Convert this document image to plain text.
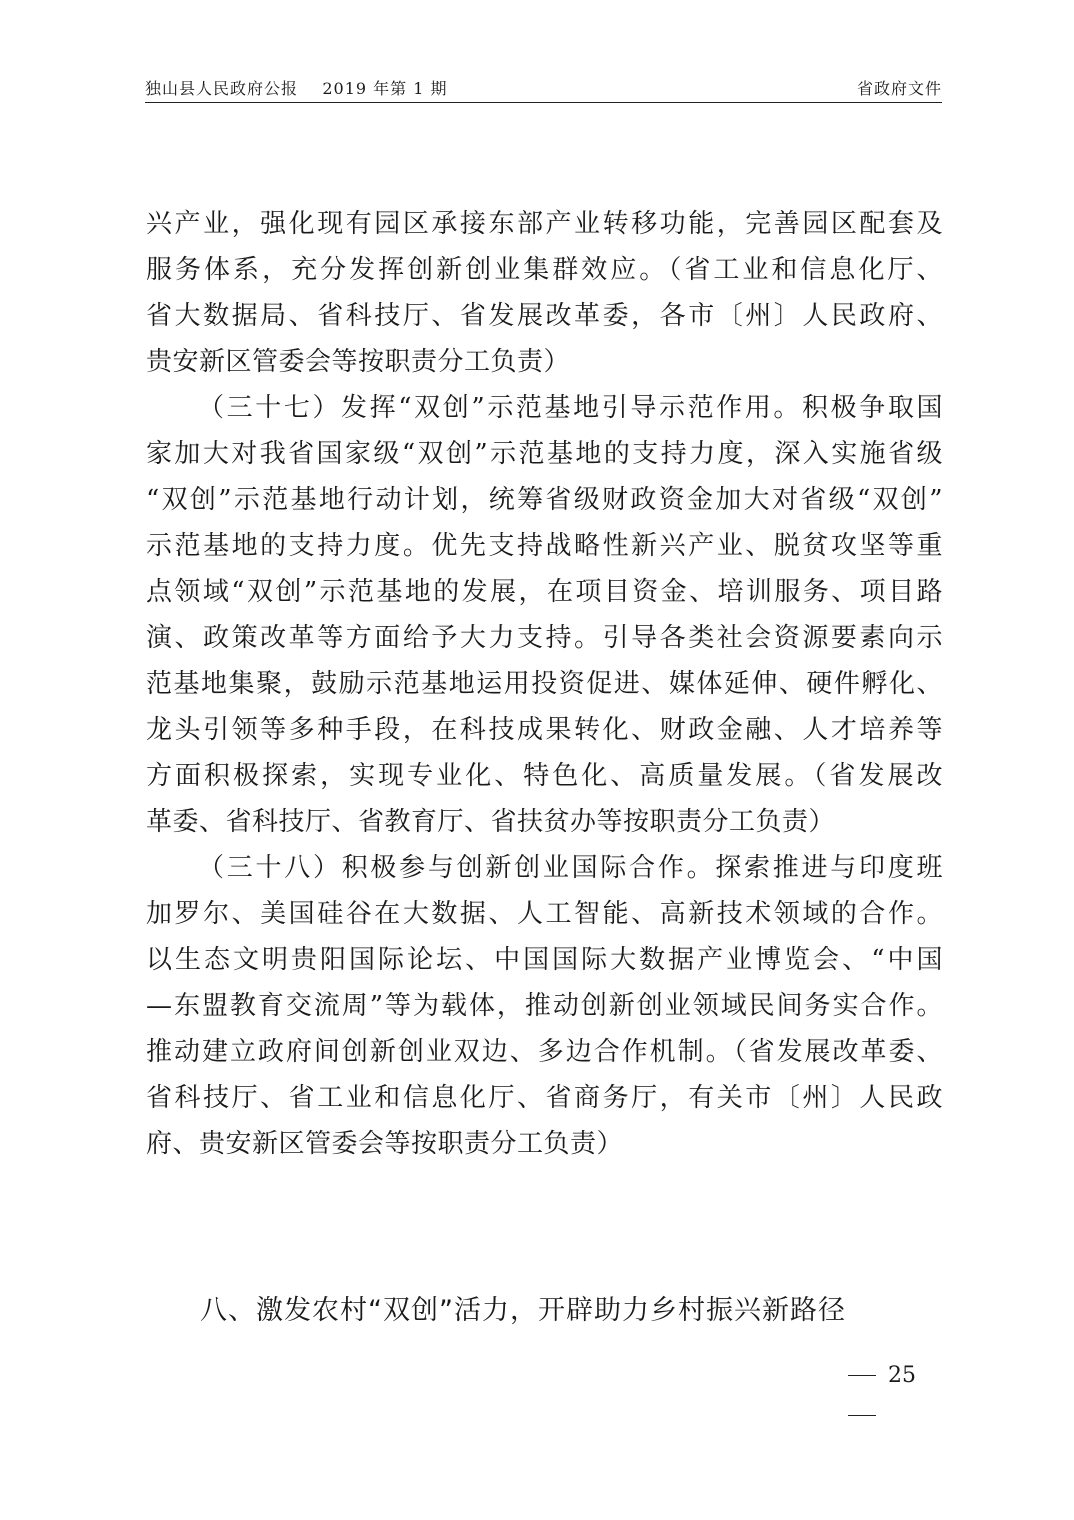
独山县人民政府公报    2019 年第 1 期	省政府文件
兴产业，强化现有园区承接东部产业转移功能，完善园区配套及
服务体系，充分发挥创新创业集群效应。（省工业和信息化厅、
省大数据局、省科技厅、省发展改革委，各市〔州〕人民政府、
贵安新区管委会等按职责分工负责）
（三十七）发挥“双创”示范基地引导示范作用。积极争取国
家加大对我省国家级“双创”示范基地的支持力度，深入实施省级
“双创”示范基地行动计划，统筹省级财政资金加大对省级“双创”
示范基地的支持力度。优先支持战略性新兴产业、脱贫攻坚等重
点领域“双创”示范基地的发展，在项目资金、培训服务、项目路
演、政策改革等方面给予大力支持。引导各类社会资源要素向示
范基地集聚，鼓励示范基地运用投资促进、媒体延伸、硬件孵化、
龙头引领等多种手段，在科技成果转化、财政金融、人才培养等
方面积极探索，实现专业化、特色化、高质量发展。（省发展改
革委、省科技厅、省教育厅、省扶贫办等按职责分工负责）
（三十八）积极参与创新创业国际合作。探索推进与印度班
加罗尔、美国硅谷在大数据、人工智能、高新技术领域的合作。
以生态文明贵阳国际论坛、中国国际大数据产业博览会、“中国
—东盟教育交流周”等为载体，推动创新创业领域民间务实合作。
推动建立政府间创新创业双边、多边合作机制。（省发展改革委、
省科技厅、省工业和信息化厅、省商务厅，有关市〔州〕人民政
府、贵安新区管委会等按职责分工负责）
八、激发农村“双创”活力，开辟助力乡村振兴新路径
25
